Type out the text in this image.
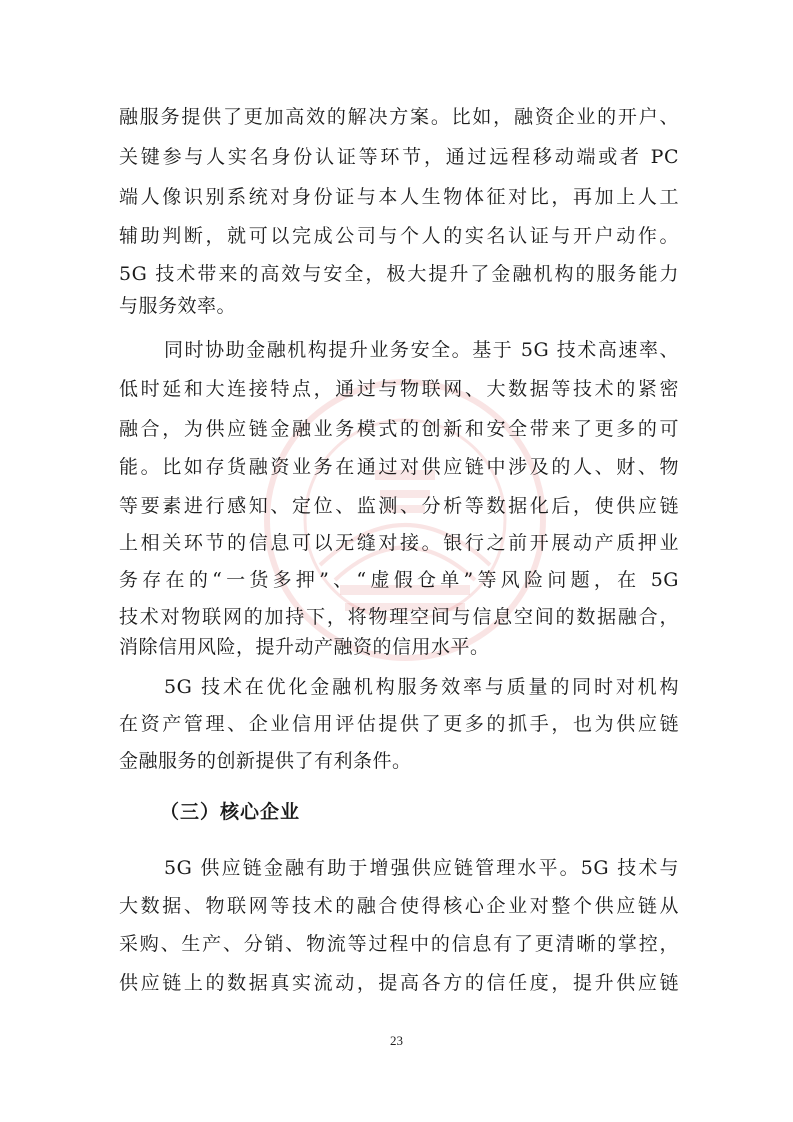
融服务提供了更加高效的解决方案。比如，融资企业的开户、
关键参与人实名身份认证等环节，通过远程移动端或者 PC
端人像识别系统对身份证与本人生物体征对比，再加上人工
辅助判断，就可以完成公司与个人的实名认证与开户动作。
5G 技术带来的高效与安全，极大提升了金融机构的服务能力
与服务效率。
同时协助金融机构提升业务安全。基于 5G 技术高速率、
低时延和大连接特点，通过与物联网、大数据等技术的紧密
融合，为供应链金融业务模式的创新和安全带来了更多的可
能。比如存货融资业务在通过对供应链中涉及的人、财、物
等要素进行感知、定位、监测、分析等数据化后，使供应链
上相关环节的信息可以无缝对接。银行之前开展动产质押业
务存在的“一货多押”、“虚假仓单”等风险问题，在 5G
技术对物联网的加持下，将物理空间与信息空间的数据融合，
消除信用风险，提升动产融资的信用水平。
5G 技术在优化金融机构服务效率与质量的同时对机构
在资产管理、企业信用评估提供了更多的抓手，也为供应链
金融服务的创新提供了有利条件。
5G 供应链金融有助于增强供应链管理水平。5G 技术与
大数据、物联网等技术的融合使得核心企业对整个供应链从
采购、生产、分销、物流等过程中的信息有了更清晰的掌控，
供应链上的数据真实流动，提高各方的信任度，提升供应链
（三）核心企业
23
